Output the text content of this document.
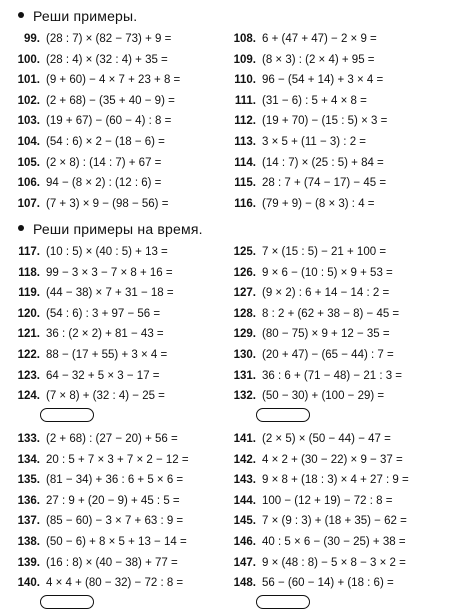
Реши примеры.
99. (28 : 7) × (82 − 73) + 9 =	108. 6 + (47 + 47) − 2 × 9 =
100. (28 : 4) × (32 : 4) + 35 =	109. (8 × 3) : (2 × 4) + 95 =
101. (9 + 60) − 4 × 7 + 23 + 8 =	110. 96 − (54 + 14) + 3 × 4 =
102. (2 + 68) − (35 + 40 − 9) =	111. (31 − 6) : 5 + 4 × 8 =
103. (19 + 67) − (60 − 4) : 8 =	112. (19 + 70) − (15 : 5) × 3 =
104. (54 : 6) × 2 − (18 − 6) =	113. 3 × 5 + (11 − 3) : 2 =
105. (2 × 8) : (14 : 7) + 67 =	114. (14 : 7) × (25 : 5) + 84 =
106. 94 − (8 × 2) : (12 : 6) =	115. 28 : 7 + (74 − 17) − 45 =
107. (7 + 3) × 9 − (98 − 56) =	116. (79 + 9) − (8 × 3) : 4 =
Реши примеры на время.
117. (10 : 5) × (40 : 5) + 13 =	125. 7 × (15 : 5) − 21 + 100 =
118. 99 − 3 × 3 − 7 × 8 + 16 =	126. 9 × 6 − (10 : 5) × 9 + 53 =
119. (44 − 38) × 7 + 31 − 18 =	127. (9 × 2) : 6 + 14 − 14 : 2 =
120. (54 : 6) : 3 + 97 − 56 =	128. 8 : 2 + (62 + 38 − 8) − 45 =
121. 36 : (2 × 2) + 81 − 43 =	129. (80 − 75) × 9 + 12 − 35 =
122. 88 − (17 + 55) + 3 × 4 =	130. (20 + 47) − (65 − 44) : 7 =
123. 64 − 32 + 5 × 3 − 17 =	131. 36 : 6 + (71 − 48) − 21 : 3 =
124. (7 × 8) + (32 : 4) − 25 =	132. (50 − 30) + (100 − 29) =
133. (2 + 68) : (27 − 20) + 56 =	141. (2 × 5) × (50 − 44) − 47 =
134. 20 : 5 + 7 × 3 + 7 × 2 − 12 =	142. 4 × 2 + (30 − 22) × 9 − 37 =
135. (81 − 34) + 36 : 6 + 5 × 6 =	143. 9 × 8 + (18 : 3) × 4 + 27 : 9 =
136. 27 : 9 + (20 − 9) + 45 : 5 =	144. 100 − (12 + 19) − 72 : 8 =
137. (85 − 60) − 3 × 7 + 63 : 9 =	145. 7 × (9 : 3) + (18 + 35) − 62 =
138. (50 − 6) + 8 × 5 + 13 − 14 =	146. 40 : 5 × 6 − (30 − 25) + 38 =
139. (16 : 8) × (40 − 38) + 77 =	147. 9 × (48 : 8) − 5 × 8 − 3 × 2 =
140. 4 × 4 + (80 − 32) − 72 : 8 =	148. 56 − (60 − 14) + (18 : 6) =
